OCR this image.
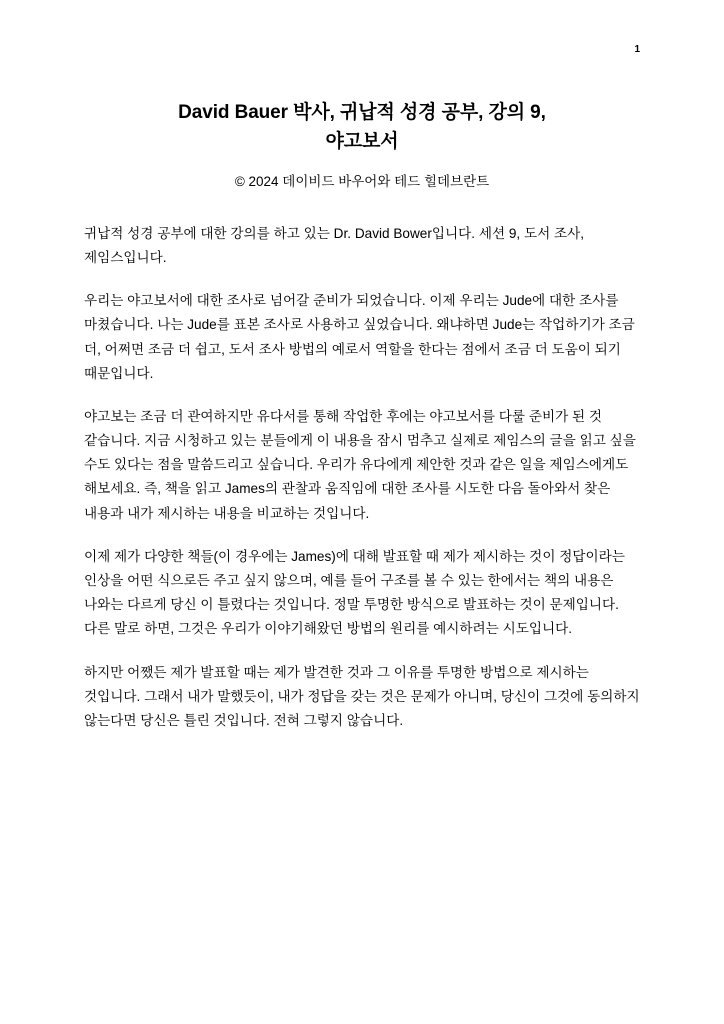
1
David Bauer 박사, 귀납적 성경 공부, 강의 9,
야고보서
© 2024 데이비드 바우어와 테드 힐데브란트

귀납적 성경 공부에 대한 강의를 하고 있는 Dr. David Bower입니다. 세션 9, 도서 조사, 제임스입니다.

우리는 야고보서에 대한 조사로 넘어갈 준비가 되었습니다. 이제 우리는 Jude에 대한 조사를 마쳤습니다. 나는 Jude를 표본 조사로 사용하고 싶었습니다. 왜냐하면 Jude는 작업하기가 조금 더, 어쩌면 조금 더 쉽고, 도서 조사 방법의 예로서 역할을 한다는 점에서 조금 더 도움이 되기 때문입니다.

야고보는 조금 더 관여하지만 유다서를 통해 작업한 후에는 야고보서를 다룰 준비가 된 것 같습니다. 지금 시청하고 있는 분들에게 이 내용을 잠시 멈추고 실제로 제임스의 글을 읽고 싶을 수도 있다는 점을 말씀드리고 싶습니다. 우리가 유다에게 제안한 것과 같은 일을 제임스에게도 해보세요. 즉, 책을 읽고 James의 관찰과 움직임에 대한 조사를 시도한 다음 돌아와서 찾은 내용과 내가 제시하는 내용을 비교하는 것입니다.

이제 제가 다양한 책들(이 경우에는 James)에 대해 발표할 때 제가 제시하는 것이 정답이라는 인상을 어떤 식으로든 주고 싶지 않으며, 예를 들어 구조를 볼 수 있는 한에서는 책의 내용은 나와는 다르게 당신 이 틀렸다는 것입니다. 정말 투명한 방식으로 발표하는 것이 문제입니다. 다른 말로 하면, 그것은 우리가 이야기해왔던 방법의 원리를 예시하려는 시도입니다.

하지만 어쨌든 제가 발표할 때는 제가 발견한 것과 그 이유를 투명한 방법으로 제시하는 것입니다. 그래서 내가 말했듯이, 내가 정답을 갖는 것은 문제가 아니며, 당신이 그것에 동의하지 않는다면 당신은 틀린 것입니다. 전혀 그렇지 않습니다.
